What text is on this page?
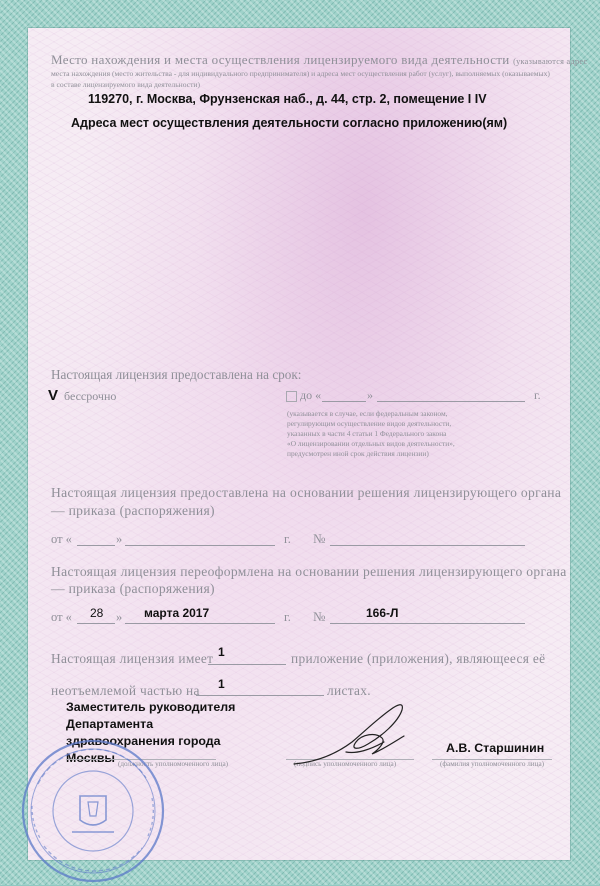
Место нахождения и места осуществления лицензируемого вида деятельности (указываются адрес
места нахождения (место жительства - для индивидуального предпринимателя) и адреса мест осуществления работ (услуг), выполняемых (оказываемых)
в составе лицензируемого вида деятельности)
119270, г. Москва, Фрунзенская наб., д. 44, стр. 2, помещение I IV
Адреса мест осуществления деятельности согласно приложению(ям)
Настоящая лицензия предоставлена на срок:
V бессрочно	до «	»	г.
(указывается в случае, если федеральным законом,
регулирующим осуществление видов деятельности,
указанных в части 4 статьи 1 Федерального закона
«О лицензировании отдельных видов деятельности»,
предусмотрен иной срок действия лицензии)
Настоящая лицензия предоставлена на основании решения лицензирующего органа
— приказа (распоряжения)
от «	»	г. №
Настоящая лицензия переоформлена на основании решения лицензирующего органа
— приказа (распоряжения)
от « 28 » марта 2017	г. №	166-Л
Настоящая лицензия имеет 1	приложение (приложения), являющееся её
неотъемлемой частью на 1	листах.
Заместитель руководителя
Департамента
здравоохранения города
Москвы (должность уполномоченного лица)	(подпись уполномоченного лица)
А.В. Старшинин
(фамилия уполномоченного лица)
